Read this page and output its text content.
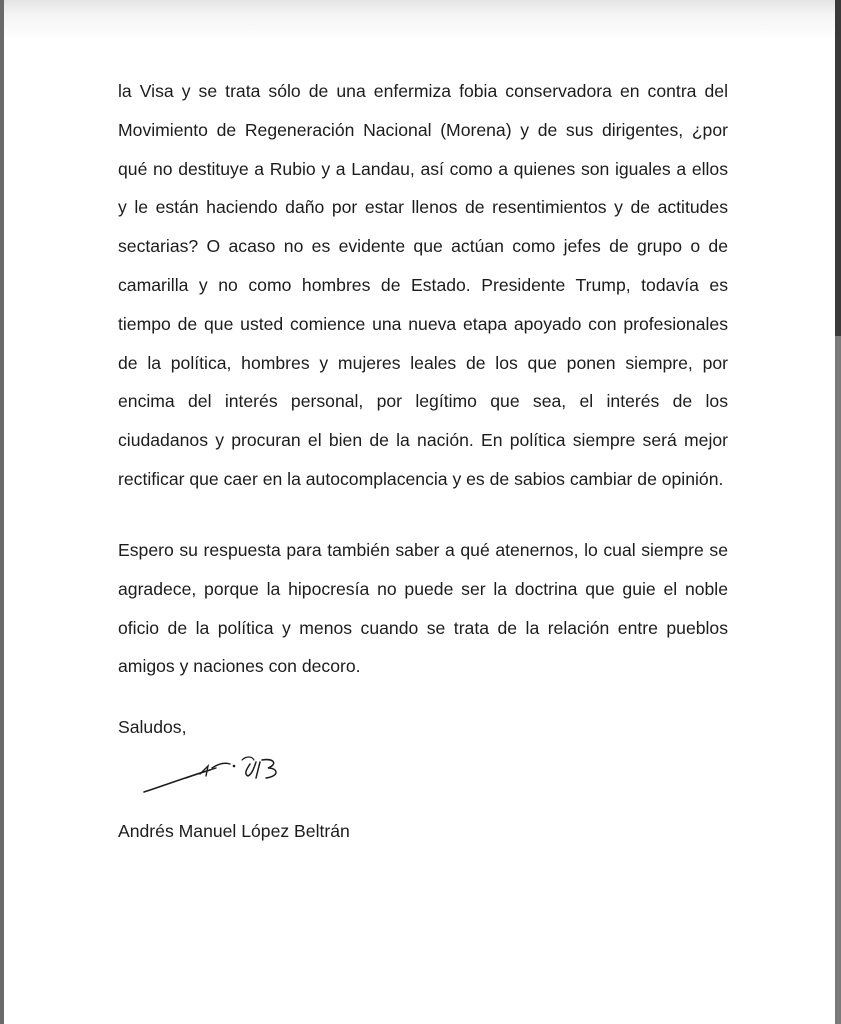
la Visa y se trata sólo de una enfermiza fobia conservadora en contra del Movimiento de Regeneración Nacional (Morena) y de sus dirigentes, ¿por qué no destituye a Rubio y a Landau, así como a quienes son iguales a ellos y le están haciendo daño por estar llenos de resentimientos y de actitudes sectarias? O acaso no es evidente que actúan como jefes de grupo o de camarilla y no como hombres de Estado. Presidente Trump, todavía es tiempo de que usted comience una nueva etapa apoyado con profesionales de la política, hombres y mujeres leales de los que ponen siempre, por encima del interés personal, por legítimo que sea, el interés de los ciudadanos y procuran el bien de la nación. En política siempre será mejor rectificar que caer en la autocomplacencia y es de sabios cambiar de opinión.

Espero su respuesta para también saber a qué atenernos, lo cual siempre se agradece, porque la hipocresía no puede ser la doctrina que guie el noble oficio de la política y menos cuando se trata de la relación entre pueblos amigos y naciones con decoro.

Saludos,

Andrés Manuel López Beltrán
